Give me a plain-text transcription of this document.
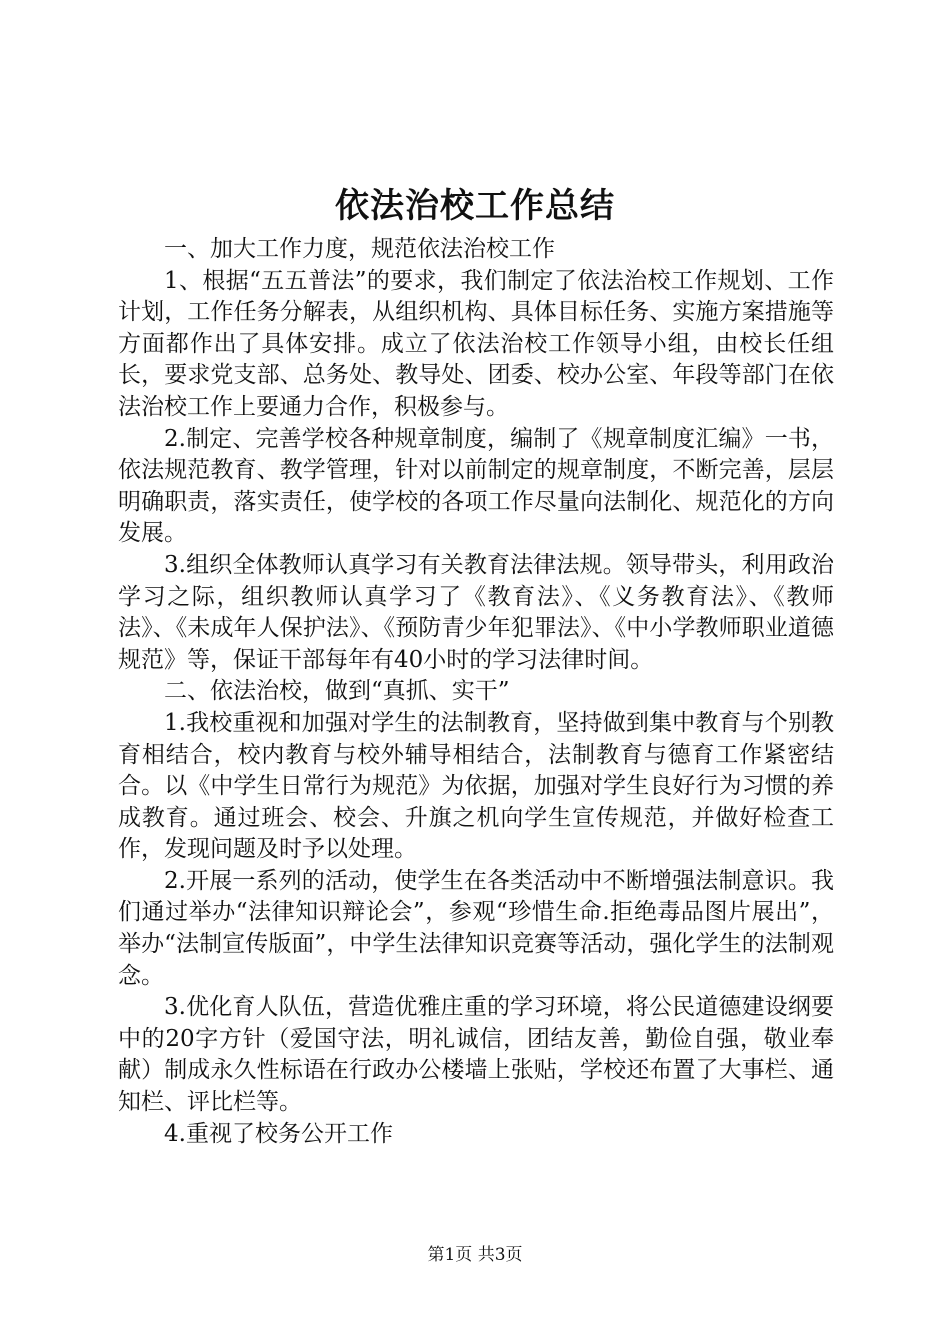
依法治校工作总结

一、加大工作力度，规范依法治校工作

1、根据“五五普法”的要求，我们制定了依法治校工作规划、工作计划，工作任务分解表，从组织机构、具体目标任务、实施方案措施等方面都作出了具体安排。成立了依法治校工作领导小组，由校长任组长，要求党支部、总务处、教导处、团委、校办公室、年段等部门在依法治校工作上要通力合作，积极参与。

2.制定、完善学校各种规章制度，编制了《规章制度汇编》一书，依法规范教育、教学管理，针对以前制定的规章制度，不断完善，层层明确职责，落实责任，使学校的各项工作尽量向法制化、规范化的方向发展。

3.组织全体教师认真学习有关教育法律法规。领导带头，利用政治学习之际，组织教师认真学习了《教育法》、《义务教育法》、《教师法》、《未成年人保护法》、《预防青少年犯罪法》、《中小学教师职业道德规范》等，保证干部每年有40小时的学习法律时间。

二、依法治校，做到“真抓、实干”

1.我校重视和加强对学生的法制教育，坚持做到集中教育与个别教育相结合，校内教育与校外辅导相结合，法制教育与德育工作紧密结合。以《中学生日常行为规范》为依据，加强对学生良好行为习惯的养成教育。通过班会、校会、升旗之机向学生宣传规范，并做好检查工作，发现问题及时予以处理。

2.开展一系列的活动，使学生在各类活动中不断增强法制意识。我们通过举办“法律知识辩论会”，参观“珍惜生命.拒绝毒品图片展出”，举办“法制宣传版面”，中学生法律知识竞赛等活动，强化学生的法制观念。

3.优化育人队伍，营造优雅庄重的学习环境，将公民道德建设纲要中的20字方针（爱国守法，明礼诚信，团结友善，勤俭自强，敬业奉献）制成永久性标语在行政办公楼墙上张贴，学校还布置了大事栏、通知栏、评比栏等。

4.重视了校务公开工作

第1页 共3页
